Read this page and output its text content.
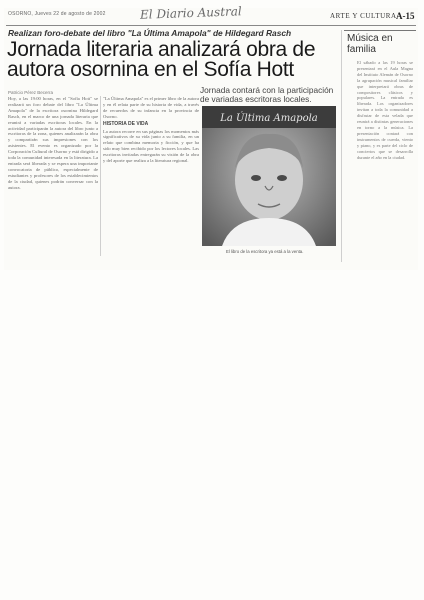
OSORNO, Jueves 22 de agosto de 2002	El Diario Austral	ARTE Y CULTURA A-15
Realizan foro-debate del libro "La Última Amapola" de Hildegard Rasch
Jornada literaria analizará obra de autora osornina en el Sofía Hott
Patricio Pérez Becerra
Hoy, a las 19:00 horas, en el "Sofía Hott" se realizará un foro debate del libro "La Última Amapola" de la escritora osornina Hildegard Rasch, en el marco de una jornada literaria que reunirá a variadas escritoras locales. En la actividad participarán la autora del libro junto a escritoras de la zona, quienes analizarán la obra y compartirán sus impresiones con los asistentes. El evento es organizado por la Corporación Cultural de Osorno y está dirigido a toda la comunidad interesada en la literatura. La entrada será liberada y se espera una importante convocatoria de público, especialmente de estudiantes y profesores de los establecimientos de la ciudad, quienes podrán conversar con la autora.
"La Última Amapola" es el primer libro de la autora y en él relata parte de su historia de vida, a través de recuerdos de su infancia en la provincia de Osorno.
HISTORIA DE VIDA
La autora recorre en sus páginas los momentos más significativos de su vida junto a su familia, en un relato que combina memoria y ficción, y que ha sido muy bien recibido por los lectores locales. Las escritoras invitadas entregarán su visión de la obra y del aporte que realiza a la literatura regional.
Jornada contará con la participación de variadas escritoras locales.
La Última Amapola
El libro de la escritora ya está a la venta.
Música en familia
El sábado a las 19 horas se presentará en el Aula Magna del Instituto Alemán de Osorno la agrupación musical familiar que interpretará obras de compositores clásicos y populares. La entrada es liberada. Los organizadores invitan a toda la comunidad a disfrutar de esta velada que reunirá a distintas generaciones en torno a la música. La presentación contará con instrumentos de cuerda, viento y piano, y es parte del ciclo de conciertos que se desarrolla durante el año en la ciudad.
